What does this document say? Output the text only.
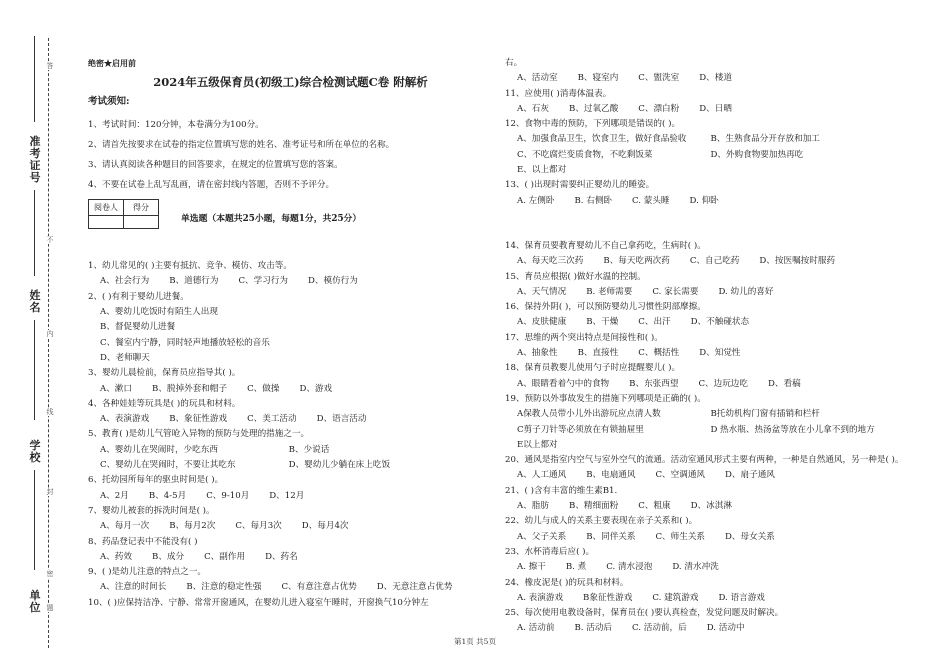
准考证号
姓名
学校
单位
答
不
内
线
封
密
题
绝密★启用前
2024年五级保育员(初级工)综合检测试题C卷 附解析
考试须知:
1、考试时间：120分钟，本卷满分为100分。
2、请首先按要求在试卷的指定位置填写您的姓名、准考证号和所在单位的名称。
3、请认真阅读各种题目的回答要求，在规定的位置填写您的答案。
4、不要在试卷上乱写乱画，请在密封线内答题，否则不予评分。
阅卷人	得分

单选题（本题共25小题，每题1分，共25分）
1、幼儿常见的( )主要有抵抗、竞争、模仿、攻击等。
A、社会行为 B、道德行为 C、学习行为 D、模仿行为
2、( )有利于婴幼儿进餐。
A、婴幼儿吃饭时有陌生人出现
B、督促婴幼儿进餐
C、餐室内宁静，同时轻声地播放轻松的音乐
D、老师聊天
3、婴幼儿晨检前，保育员应指导其( )。
A、漱口 B、脱掉外套和帽子 C、做操 D、游戏
4、各种娃娃等玩具是( )的玩具和材料。
A、表演游戏 B、象征性游戏 C、美工活动 D、语言活动
5、教育( )是幼儿气管呛入异物的预防与处理的措施之一。
A、婴幼儿在哭闹时，少吃东西	B、少说话
C、婴幼儿在哭闹时，不要让其吃东	D、婴幼儿少躺在床上吃饭
6、托幼园所每年的驱虫时间是( )。
A、2月 B、4-5月 C、9-10月 D、12月
7、婴幼儿被套的拆洗时间是( )。
A、每月一次 B、每月2次 C、每月3次 D、每月4次
8、药品登记表中不能没有( )
A、药效 B、成分 C、副作用 D、药名
9、( )是幼儿注意的特点之一。
A、注意的时间长 B、注意的稳定性强 C、有意注意占优势 D、无意注意占优势
10、( )应保持洁净、宁静、常常开窗通风，在婴幼儿进入寝室午睡时，开窗换气10分钟左
右。
A、活动室 B、寝室内 C、盥洗室 D、楼道
11、应使用( )消毒体温表。
A、石灰 B、过氧乙酸 C、漂白粉 D、日晒
12、食物中毒的预防，下列哪项是错误的( )。
A、加强食品卫生，饮食卫生，做好食品验收	B、生熟食品分开存放和加工
C、不吃腐烂变质食物，不吃剩饭菜	D、外购食物要加热再吃
E、以上都对
13、( )出现时需要纠正婴幼儿的睡姿。
A. 左侧卧 B. 右侧卧 C. 蒙头睡 D. 仰卧
14、保育员要教育婴幼儿不自己拿药吃，生病时( )。
A、每天吃三次药 B、每天吃两次药 C、自己吃药 D、按医嘱按时服药
15、育员应根据( )做好水温的控制。
A、天气情况 B. 老师需要 C. 家长需要 D. 幼儿的喜好
16、保持外阴( )，可以预防婴幼儿习惯性阴部摩擦。
A、皮肤健康 B、干燥 C、出汗 D、不触碰状态
17、思维的两个突出特点是间接性和( )。
A、抽象性 B、直接性 C、概括性 D、知觉性
18、保育员教婴儿使用勺子时应提醒婴儿( )。
A、眼睛看着勺中的食物 B、东张西望 C、边玩边吃 D、看稿
19、预防以外事故发生的措施下列哪项是正确的( )。
A保教人员带小儿外出游玩应点清人数	B托幼机构门窗有插销和栏杆
C剪子刀针等必须放在有锁抽屉里	D 热水瓶、热汤盆等放在小儿拿不到的地方
E以上都对
20、通风是指室内空气与室外空气的流通。活动室通风形式主要有两种，一种是自然通风，另一种是( )。
A、人工通风 B、电扇通风 C、空调通风 D、扇子通风
21、( )含有丰富的维生素B1.
A、脂肪 B、精细面粉 C、粗康 D、冰淇淋
22、幼儿与成人的关系主要表现在亲子关系和( )。
A、父子关系 B、同伴关系 C、师生关系 D、母女关系
23、水杯消毒后应( )。
A. 擦干 B. 煮 C. 清水浸泡 D. 清水冲洗
24、橡皮泥是( )的玩具和材料。
A. 表演游戏 B象征性游戏 C. 建筑游戏 D. 语言游戏
25、每次使用电教设备时，保育员在( )要认真检查，发觉问题及时解决。
A. 活动前 B. 活动后 C. 活动前，后 D. 活动中
第1页 共5页
